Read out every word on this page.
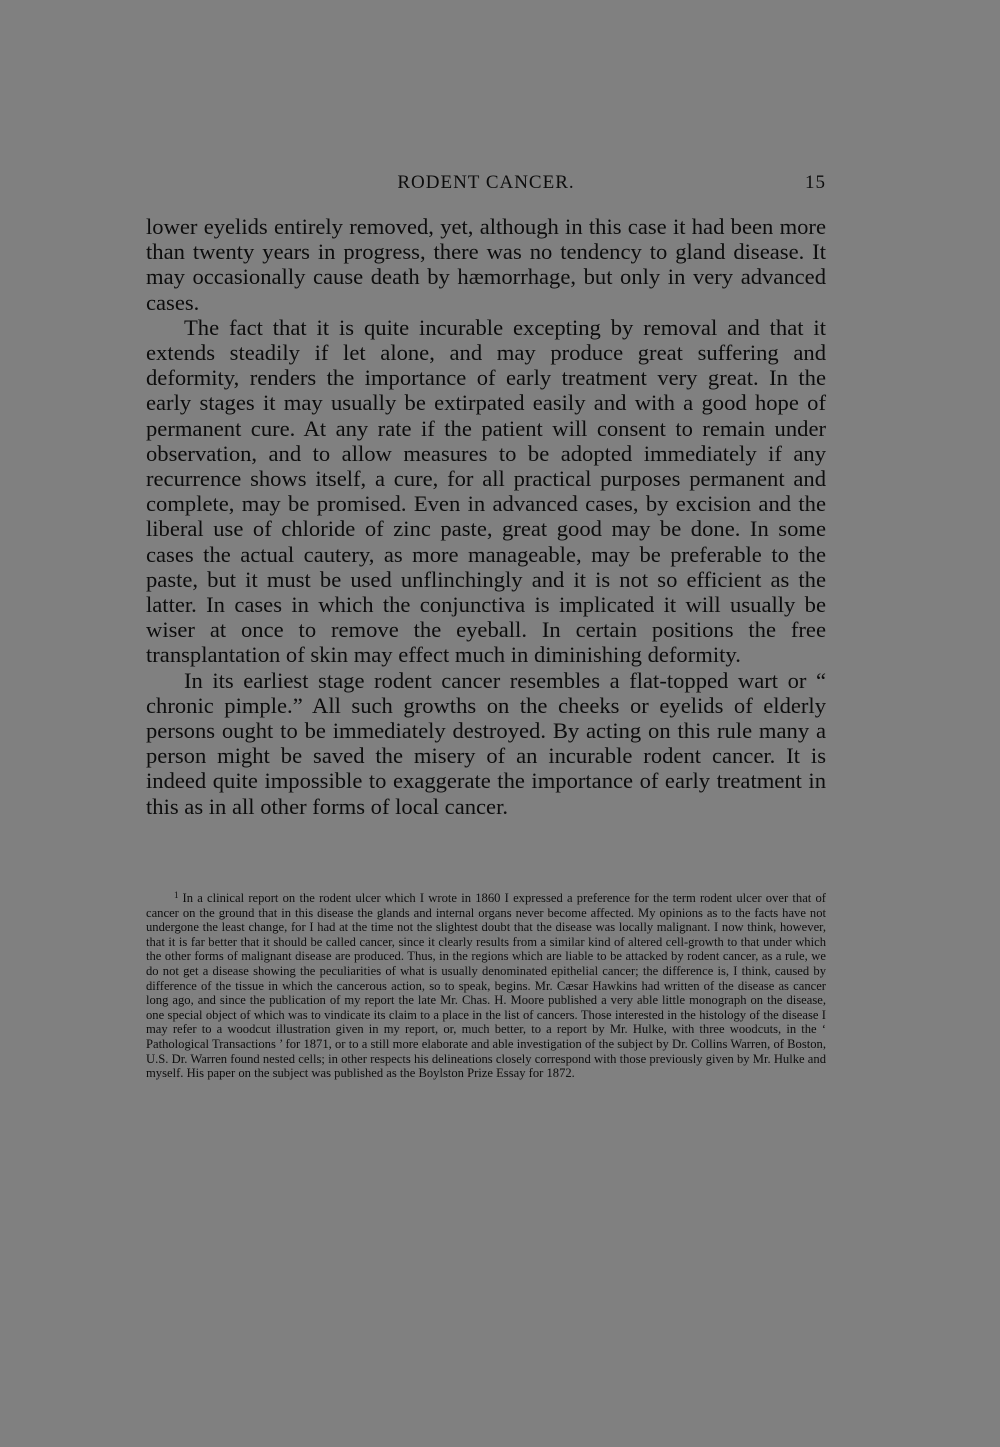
RODENT CANCER.	15

lower eyelids entirely removed, yet, although in this case it had been more than twenty years in progress, there was no tendency to gland disease. It may occasionally cause death by hæmorrhage, but only in very advanced cases.

The fact that it is quite incurable excepting by removal and that it extends steadily if let alone, and may produce great suffering and deformity, renders the importance of early treatment very great. In the early stages it may usually be extirpated easily and with a good hope of permanent cure. At any rate if the patient will consent to remain under observation, and to allow measures to be adopted immediately if any recurrence shows itself, a cure, for all practical purposes permanent and complete, may be promised. Even in advanced cases, by excision and the liberal use of chloride of zinc paste, great good may be done. In some cases the actual cautery, as more manageable, may be preferable to the paste, but it must be used unflinchingly and it is not so efficient as the latter. In cases in which the conjunctiva is implicated it will usually be wiser at once to remove the eyeball. In certain positions the free transplantation of skin may effect much in diminishing deformity.

In its earliest stage rodent cancer resembles a flat-topped wart or “ chronic pimple.” All such growths on the cheeks or eyelids of elderly persons ought to be immediately destroyed. By acting on this rule many a person might be saved the misery of an incurable rodent cancer. It is indeed quite impossible to exaggerate the importance of early treatment in this as in all other forms of local cancer.

$^1$ In a clinical report on the rodent ulcer which I wrote in 1860 I expressed a preference for the term rodent ulcer over that of cancer on the ground that in this disease the glands and internal organs never become affected. My opinions as to the facts have not undergone the least change, for I had at the time not the slightest doubt that the disease was locally malignant. I now think, however, that it is far better that it should be called cancer, since it clearly results from a similar kind of altered cell-growth to that under which the other forms of malignant disease are produced. Thus, in the regions which are liable to be attacked by rodent cancer, as a rule, we do not get a disease showing the peculiarities of what is usually denominated epithelial cancer; the difference is, I think, caused by difference of the tissue in which the cancerous action, so to speak, begins. Mr. Cæsar Hawkins had written of the disease as cancer long ago, and since the publication of my report the late Mr. Chas. H. Moore published a very able little monograph on the disease, one special object of which was to vindicate its claim to a place in the list of cancers. Those interested in the histology of the disease I may refer to a woodcut illustration given in my report, or, much better, to a report by Mr. Hulke, with three woodcuts, in the ‘ Pathological Transactions ’ for 1871, or to a still more elaborate and able investigation of the subject by Dr. Collins Warren, of Boston, U.S. Dr. Warren found nested cells; in other respects his delineations closely correspond with those previously given by Mr. Hulke and myself. His paper on the subject was published as the Boylston Prize Essay for 1872.
